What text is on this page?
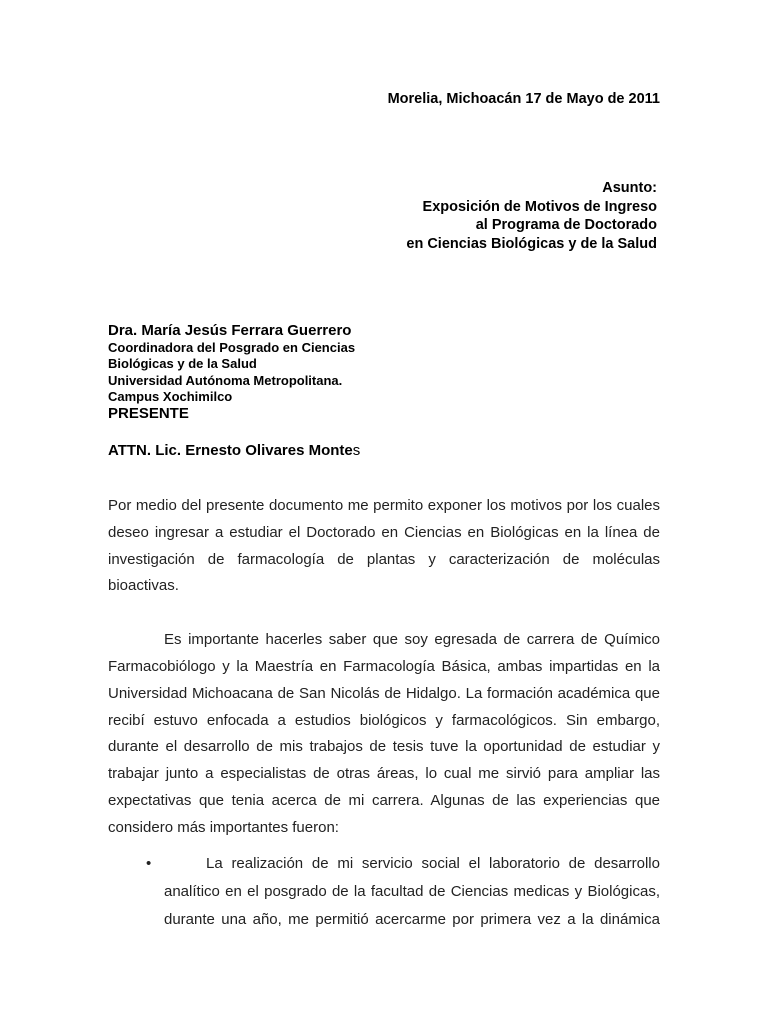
Morelia, Michoacán 17 de Mayo de 2011
Asunto:
Exposición de Motivos de Ingreso
al Programa de Doctorado
en Ciencias Biológicas y de la Salud
Dra. María Jesús Ferrara Guerrero
Coordinadora del Posgrado en Ciencias
Biológicas y de la Salud
Universidad Autónoma Metropolitana.
Campus Xochimilco
PRESENTE
ATTN. Lic. Ernesto Olivares Montes
Por medio del presente documento me permito exponer los motivos por los cuales
deseo ingresar a estudiar el Doctorado en Ciencias en Biológicas en la línea de
investigación de farmacología de plantas y caracterización de moléculas
bioactivas.
Es importante hacerles saber que soy egresada de carrera de Químico
Farmacobiólogo y la Maestría en Farmacología Básica, ambas impartidas en la
Universidad Michoacana de San Nicolás de Hidalgo. La formación académica que
recibí estuvo enfocada a estudios biológicos y farmacológicos. Sin embargo,
durante el desarrollo de mis trabajos de tesis tuve la oportunidad de estudiar y
trabajar junto a especialistas de otras áreas, lo cual me sirvió para ampliar las
expectativas que tenia acerca de mi carrera. Algunas de las experiencias que
considero más importantes fueron:
•	La realización de mi servicio social el laboratorio de desarrollo
analítico en el posgrado de la facultad de Ciencias medicas y Biológicas,
durante una año, me permitió acercarme por primera vez a la dinámica
